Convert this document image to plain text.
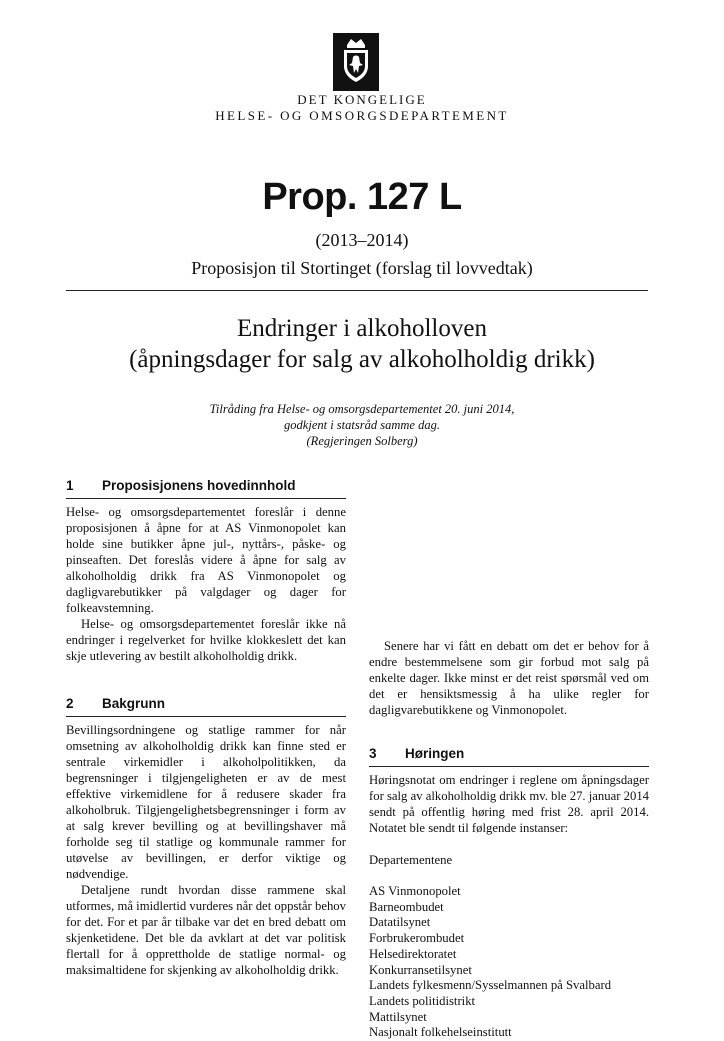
DET KONGELIGE
HELSE- OG OMSORGSDEPARTEMENT
Prop. 127 L
(2013–2014)
Proposisjon til Stortinget (forslag til lovvedtak)
Endringer i alkoholloven
(åpningsdager for salg av alkoholholdig drikk)
Tilråding fra Helse- og omsorgsdepartementet 20. juni 2014,
godkjent i statsråd samme dag.
(Regjeringen Solberg)
1	Proposisjonens hovedinnhold

Helse- og omsorgsdepartementet foreslår i denne proposisjonen å åpne for at AS Vinmonopolet kan holde sine butikker åpne jul-, nyttårs-, påske- og pinseaften. Det foreslås videre å åpne for salg av alkoholholdig drikk fra AS Vinmonopolet og dagligvarebutikker på valgdager og dager for folkeavstemning.

Helse- og omsorgsdepartementet foreslår ikke nå endringer i regelverket for hvilke klokkeslett det kan skje utlevering av bestilt alkoholholdig drikk.

2	Bakgrunn

Bevillingsordningene og statlige rammer for når omsetning av alkoholholdig drikk kan finne sted er sentrale virkemidler i alkoholpolitikken, da begrensninger i tilgjengeligheten er av de mest effektive virkemidlene for å redusere skader fra alkoholbruk. Tilgjengelighetsbegrensninger i form av at salg krever bevilling og at bevillingshaver må forholde seg til statlige og kommunale rammer for utøvelse av bevillingen, er derfor viktige og nødvendige.

Detaljene rundt hvordan disse rammene skal utformes, må imidlertid vurderes når det oppstår behov for det. For et par år tilbake var det en bred debatt om skjenketidene. Det ble da avklart at det var politisk flertall for å opprettholde de statlige normal- og maksimaltidene for skjenking av alkoholholdig drikk.

Senere har vi fått en debatt om det er behov for å endre bestemmelsene som gir forbud mot salg på enkelte dager. Ikke minst er det reist spørsmål ved om det er hensiktsmessig å ha ulike regler for dagligvarebutikkene og Vinmonopolet.

3	Høringen

Høringsnotat om endringer i reglene om åpningsdager for salg av alkoholholdig drikk mv. ble 27. januar 2014 sendt på offentlig høring med frist 28. april 2014. Notatet ble sendt til følgende instanser:

Departementene

AS Vinmonopolet
Barneombudet
Datatilsynet
Forbrukerombudet
Helsedirektoratet
Konkurransetilsynet
Landets fylkesmenn/Sysselmannen på Svalbard
Landets politidistrikt
Mattilsynet
Nasjonalt folkehelseinstitutt
